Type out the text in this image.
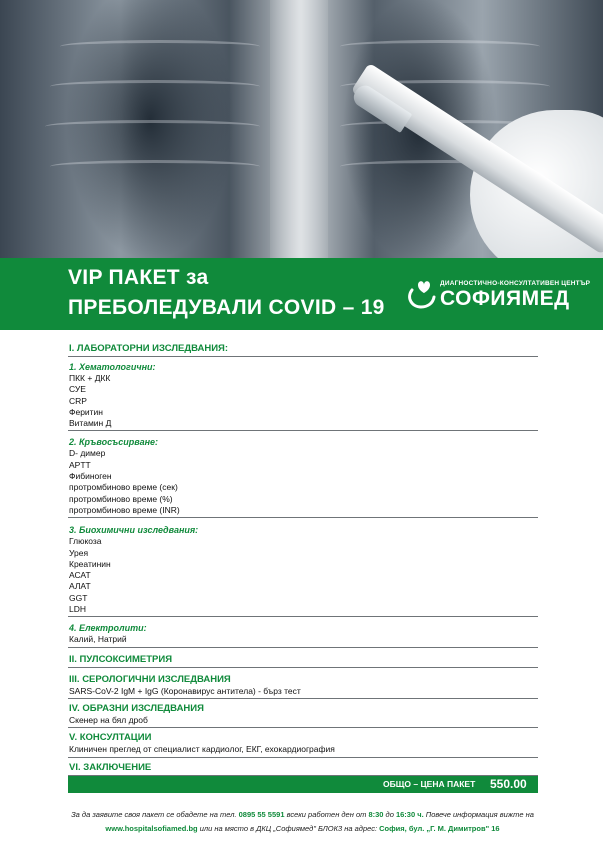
VIP ПАКЕТ за
ПРЕБОЛЕДУВАЛИ COVID – 19
ДИАГНОСТИЧНО-КОНСУЛТАТИВЕН ЦЕНТЪР
СОФИЯМЕД
I. ЛАБОРАТОРНИ ИЗСЛЕДВАНИЯ:
1. Хематологични:
ПКК + ДКК
СУЕ
CRP
Феритин
Витамин Д
2. Кръвосъсирване:
D- димер
APTT
Фибиноген
протромбиново време (сек)
протромбиново време (%)
протромбиново време (INR)
3. Биохимични изследвания:
Глюкоза
Урея
Креатинин
АСАТ
АЛАТ
GGT
LDH
4. Електролити:
Калий, Натрий
II. ПУЛСОКСИМЕТРИЯ
III. СЕРОЛОГИЧНИ ИЗСЛЕДВАНИЯ
SARS-CoV-2 IgM + IgG (Коронавирус антитела) - бърз тест
IV. ОБРАЗНИ ИЗСЛЕДВАНИЯ
Скенер на бял дроб
V. КОНСУЛТАЦИИ
Клиничен преглед от специалист кардиолог, ЕКГ, ехокардиография
VI. ЗАКЛЮЧЕНИЕ
ОБЩО – ЦЕНА ПАКЕТ 550.00
За да заявите своя пакет се обадете на тел. 0895 55 5591 всеки работен ден от 8:30 до 16:30 ч. Повече информация вижте на
www.hospitalsofiamed.bg или на място в ДКЦ „Софиямед" БЛОК3 на адрес: София, бул. „Г. М. Димитров" 16
